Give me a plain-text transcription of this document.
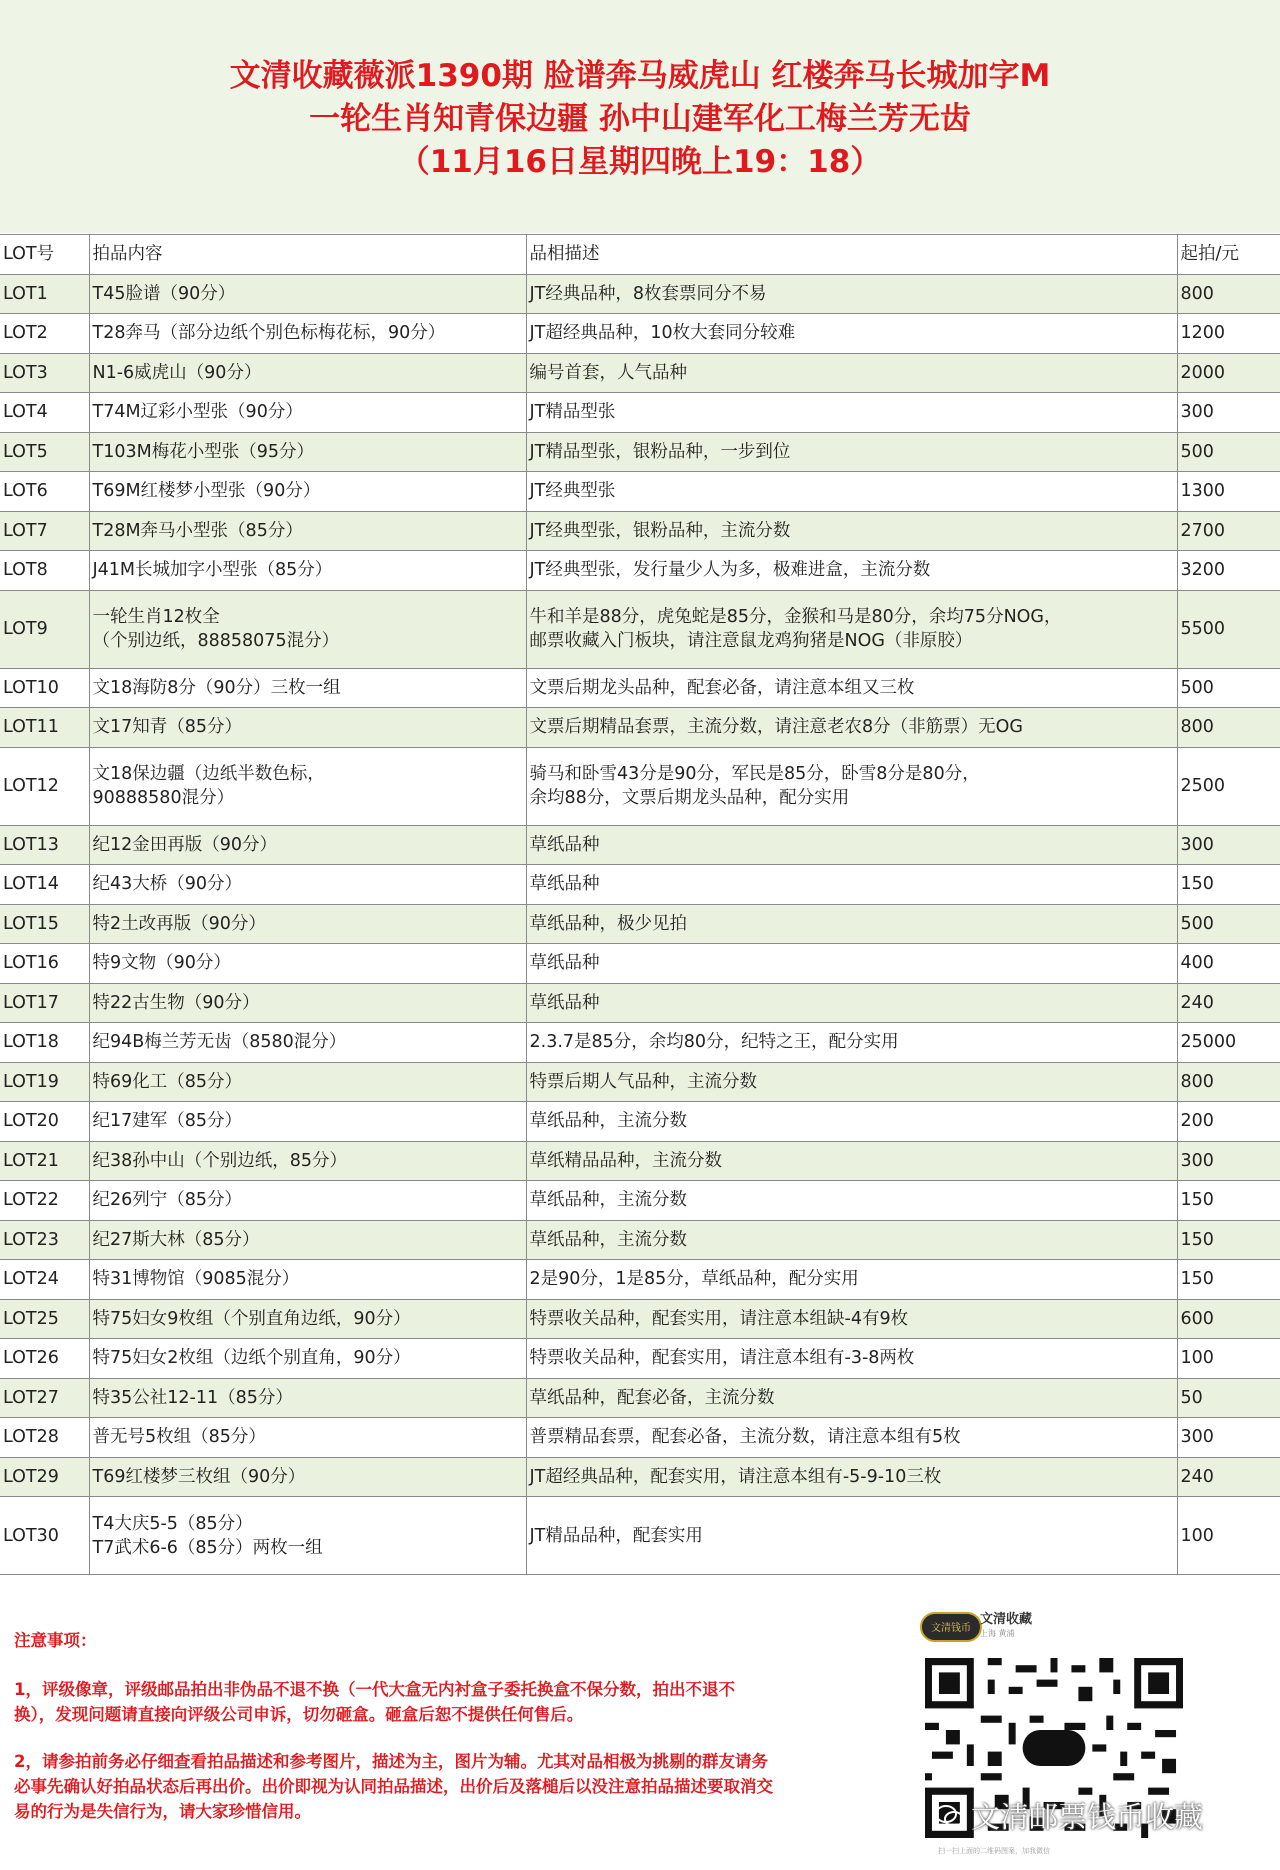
文清收藏薇派1390期 脸谱奔马威虎山 红楼奔马长城加字M
一轮生肖知青保边疆 孙中山建军化工梅兰芳无齿
（11月16日星期四晚上19：18）
LOT号	拍品内容	品相描述	起拍/元
LOT1	T45脸谱（90分）	JT经典品种，8枚套票同分不易	800
LOT2	T28奔马（部分边纸个别色标梅花标，90分）	JT超经典品种，10枚大套同分较难	1200
LOT3	N1-6威虎山（90分）	编号首套，人气品种	2000
LOT4	T74M辽彩小型张（90分）	JT精品型张	300
LOT5	T103M梅花小型张（95分）	JT精品型张，银粉品种，一步到位	500
LOT6	T69M红楼梦小型张（90分）	JT经典型张	1300
LOT7	T28M奔马小型张（85分）	JT经典型张，银粉品种，主流分数	2700
LOT8	J41M长城加字小型张（85分）	JT经典型张，发行量少人为多，极难进盒，主流分数	3200
LOT9	一轮生肖12枚全
（个别边纸，88858075混分）	牛和羊是88分，虎兔蛇是85分，金猴和马是80分，余均75分NOG，
邮票收藏入门板块，请注意鼠龙鸡狗猪是NOG（非原胶）	5500
LOT10	文18海防8分（90分）三枚一组	文票后期龙头品种，配套必备，请注意本组又三枚	500
LOT11	文17知青（85分）	文票后期精品套票，主流分数，请注意老农8分（非筋票）无OG	800
LOT12	文18保边疆（边纸半数色标，
90888580混分）	骑马和卧雪43分是90分，军民是85分，卧雪8分是80分，
余均88分，文票后期龙头品种，配分实用	2500
LOT13	纪12金田再版（90分）	草纸品种	300
LOT14	纪43大桥（90分）	草纸品种	150
LOT15	特2土改再版（90分）	草纸品种，极少见拍	500
LOT16	特9文物（90分）	草纸品种	400
LOT17	特22古生物（90分）	草纸品种	240
LOT18	纪94B梅兰芳无齿（8580混分）	2.3.7是85分，余均80分，纪特之王，配分实用	25000
LOT19	特69化工（85分）	特票后期人气品种，主流分数	800
LOT20	纪17建军（85分）	草纸品种，主流分数	200
LOT21	纪38孙中山（个别边纸，85分）	草纸精品品种，主流分数	300
LOT22	纪26列宁（85分）	草纸品种，主流分数	150
LOT23	纪27斯大林（85分）	草纸品种，主流分数	150
LOT24	特31博物馆（9085混分）	2是90分，1是85分，草纸品种，配分实用	150
LOT25	特75妇女9枚组（个别直角边纸，90分）	特票收关品种，配套实用，请注意本组缺-4有9枚	600
LOT26	特75妇女2枚组（边纸个别直角，90分）	特票收关品种，配套实用，请注意本组有-3-8两枚	100
LOT27	特35公社12-11（85分）	草纸品种，配套必备，主流分数	50
LOT28	普无号5枚组（85分）	普票精品套票，配套必备，主流分数，请注意本组有5枚	300
LOT29	T69红楼梦三枚组（90分）	JT超经典品种，配套实用，请注意本组有-5-9-10三枚	240
LOT30	T4大庆5-5（85分）
T7武术6-6（85分）两枚一组	JT精品品种，配套实用	100
注意事项：

1，评级像章，评级邮品拍出非伪品不退不换（一代大盒无内衬盒子委托换盒不保分数，拍出不退不换），发现问题请直接向评级公司申诉，切勿砸盒。砸盒后恕不提供任何售后。

2，请参拍前务必仔细查看拍品描述和参考图片，描述为主，图片为辅。尤其对品相极为挑剔的群友请务必事先确认好拍品状态后再出价。出价即视为认同拍品描述，出价后及落槌后以没注意拍品描述要取消交易的行为是失信行为，请大家珍惜信用。

文清钱币
文清收藏
上海 黄浦
扫一扫上面的二维码图案，加我微信
文清邮票钱币收藏
